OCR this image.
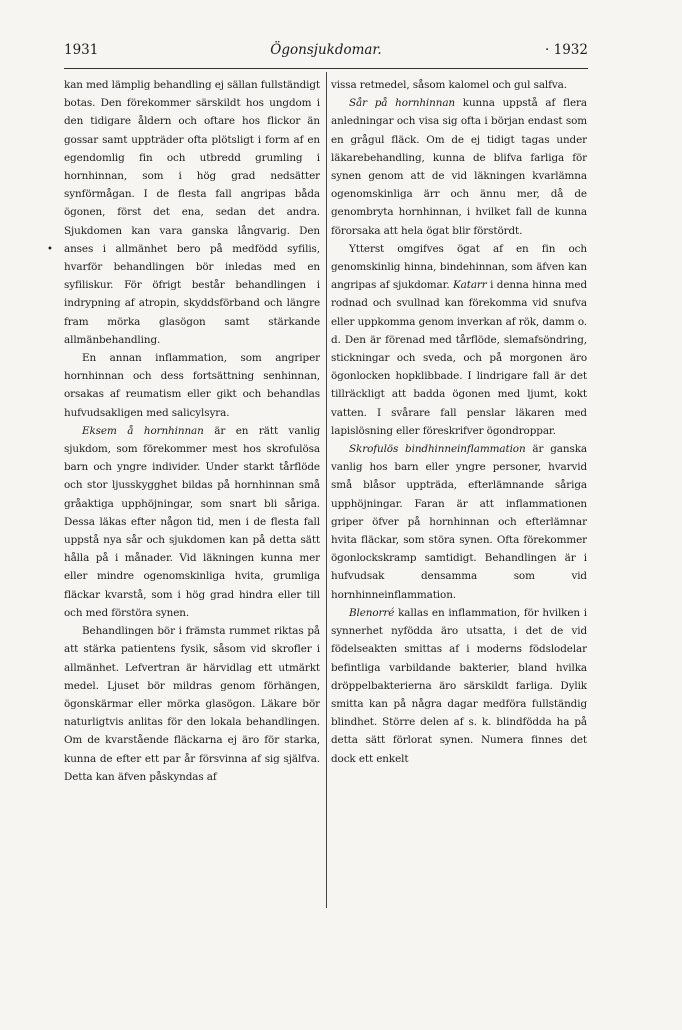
1931	Ögonsjukdomar.	· 1932
•

kan med lämplig behandling ej sällan fullständigt botas. Den förekommer särskildt hos ungdom i den tidigare åldern och oftare hos flickor än gossar samt uppträder ofta plötsligt i form af en egendomlig fin och utbredd grumling i hornhinnan, som i hög grad nedsätter synförmågan. I de flesta fall angripas båda ögonen, först det ena, sedan det andra. Sjukdomen kan vara ganska långvarig. Den anses i allmänhet bero på medfödd syfilis, hvarför behandlingen bör inledas med en syfiliskur. För öfrigt består behandlingen i indrypning af atropin, skyddsförband och längre fram mörka glasögon samt stärkande allmänbehandling.

En annan inflammation, som angriper hornhinnan och dess fortsättning senhinnan, orsakas af reumatism eller gikt och behandlas hufvudsakligen med salicylsyra.

Eksem å hornhinnan är en rätt vanlig sjukdom, som förekommer mest hos skrofulösa barn och yngre individer. Under starkt tårflöde och stor ljusskygghet bildas på hornhinnan små gråaktiga upphöjningar, som snart bli såriga. Dessa läkas efter någon tid, men i de flesta fall uppstå nya sår och sjukdomen kan på detta sätt hålla på i månader. Vid läkningen kunna mer eller mindre ogenomskinliga hvita, grumliga fläckar kvarstå, som i hög grad hindra eller till och med förstöra synen.

Behandlingen bör i främsta rummet riktas på att stärka patientens fysik, såsom vid skrofler i allmänhet. Lefvertran är härvidlag ett utmärkt medel. Ljuset bör mildras genom förhängen, ögonskärmar eller mörka glasögon. Läkare bör naturligtvis anlitas för den lokala behandlingen. Om de kvarstående fläckarna ej äro för starka, kunna de efter ett par år försvinna af sig själfva. Detta kan äfven påskyndas af

vissa retmedel, såsom kalomel och gul salfva.

Sår på hornhinnan kunna uppstå af flera anledningar och visa sig ofta i början endast som en grågul fläck. Om de ej tidigt tagas under läkarebehandling, kunna de blifva farliga för synen genom att de vid läkningen kvarlämna ogenomskinliga ärr och ännu mer, då de genombryta hornhinnan, i hvilket fall de kunna förorsaka att hela ögat blir förstördt.

Ytterst omgifves ögat af en fin och genomskinlig hinna, bindehinnan, som äfven kan angripas af sjukdomar. Katarr i denna hinna med rodnad och svullnad kan förekomma vid snufva eller uppkomma genom inverkan af rök, damm o. d. Den är förenad med tårflöde, slemafsöndring, stickningar och sveda, och på morgonen äro ögonlocken hopklibbade. I lindrigare fall är det tillräckligt att badda ögonen med ljumt, kokt vatten. I svårare fall penslar läkaren med lapislösning eller föreskrifver ögondroppar.

Skrofulös bindhinneinflammation är ganska vanlig hos barn eller yngre personer, hvarvid små blåsor uppträda, efterlämnande såriga upphöjningar. Faran är att inflammationen griper öfver på hornhinnan och efterlämnar hvita fläckar, som störa synen. Ofta förekommer ögonlockskramp samtidigt. Behandlingen är i hufvudsak densamma som vid hornhinneinflammation.

Blenorré kallas en inflammation, för hvilken i synnerhet nyfödda äro utsatta, i det de vid födelseakten smittas af i moderns födslodelar befintliga varbildande bakterier, bland hvilka dröppelbakterierna äro särskildt farliga. Dylik smitta kan på några dagar medföra fullständig blindhet. Större delen af s. k. blindfödda ha på detta sätt förlorat synen. Numera finnes det dock ett enkelt
